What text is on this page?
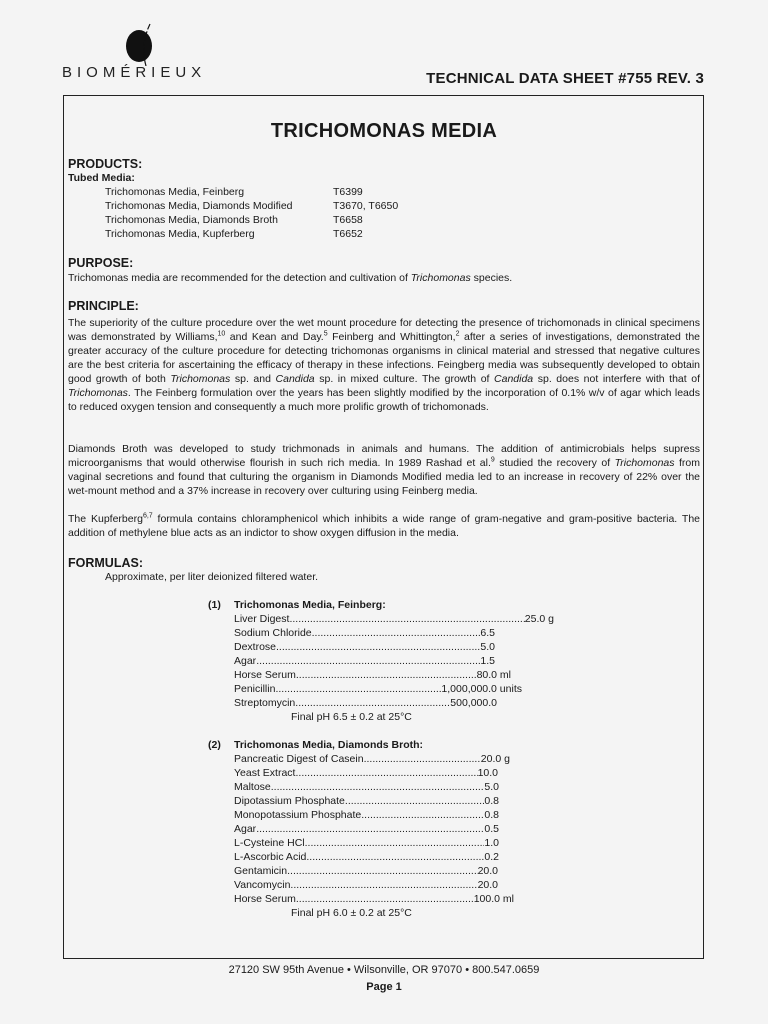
BIOMÉRIEUX	TECHNICAL DATA SHEET #755 REV. 3
TRICHOMONAS MEDIA
PRODUCTS:
Tubed Media:
Trichomonas Media, Feinberg	T6399
Trichomonas Media, Diamonds Modified	T3670, T6650
Trichomonas Media, Diamonds Broth	T6658
Trichomonas Media, Kupferberg	T6652
PURPOSE:
Trichomonas media are recommended for the detection and cultivation of Trichomonas species.
PRINCIPLE:
The superiority of the culture procedure over the wet mount procedure for detecting the presence of trichomonads in clinical specimens was demonstrated by Williams,$^{10}$ and Kean and Day.$^5$ Feinberg and Whittington,$^2$ after a series of investigations, demonstrated the greater accuracy of the culture procedure for detecting trichomonas organisms in clinical material and stressed that negative cultures are the best criteria for ascertaining the efficacy of therapy in these infections. Feingberg media was subsequently developed to obtain good growth of both Trichomonas sp. and Candida sp. in mixed culture. The growth of Candida sp. does not interfere with that of Trichomonas. The Feinberg formulation over the years has been slightly modified by the incorporation of 0.1% w/v of agar which leads to reduced oxygen tension and consequently a much more prolific growth of trichomonads.
Diamonds Broth was developed to study trichmonads in animals and humans. The addition of antimicrobials helps supress microorganisms that would otherwise flourish in such rich media. In 1989 Rashad et al.$^9$ studied the recovery of Trichomonas from vaginal secretions and found that culturing the organism in Diamonds Modified media led to an increase in recovery of 22% over the wet-mount method and a 37% increase in recovery over culturing using Feinberg media.
The Kupferberg$^{6,7}$ formula contains chloramphenicol which inhibits a wide range of gram-negative and gram-positive bacteria. The addition of methylene blue acts as an indictor to show oxygen diffusion in the media.
FORMULAS:
Approximate, per liter deionized filtered water.
(1) Trichomonas Media, Feinberg:
Liver Digest .....	25.0 g
Sodium Chloride .....	6.5
Dextrose .....	5.0
Agar .....	1.5
Horse Serum .....	80.0 ml
Penicillin .....	1,000,000.0 units
Streptomycin .....	500,000.0
Final pH 6.5 ± 0.2 at 25°C
(2) Trichomonas Media, Diamonds Broth:
Pancreatic Digest of Casein .....	20.0 g
Yeast Extract .....	10.0
Maltose .....	5.0
Dipotassium Phosphate .....	0.8
Monopotassium Phosphate .....	0.8
Agar .....	0.5
L-Cysteine HCl .....	1.0
L-Ascorbic Acid .....	0.2
Gentamicin .....	20.0
Vancomycin .....	20.0
Horse Serum .....	100.0 ml
Final pH 6.0 ± 0.2 at 25°C
27120 SW 95th Avenue • Wilsonville, OR 97070 • 800.547.0659
Page 1
